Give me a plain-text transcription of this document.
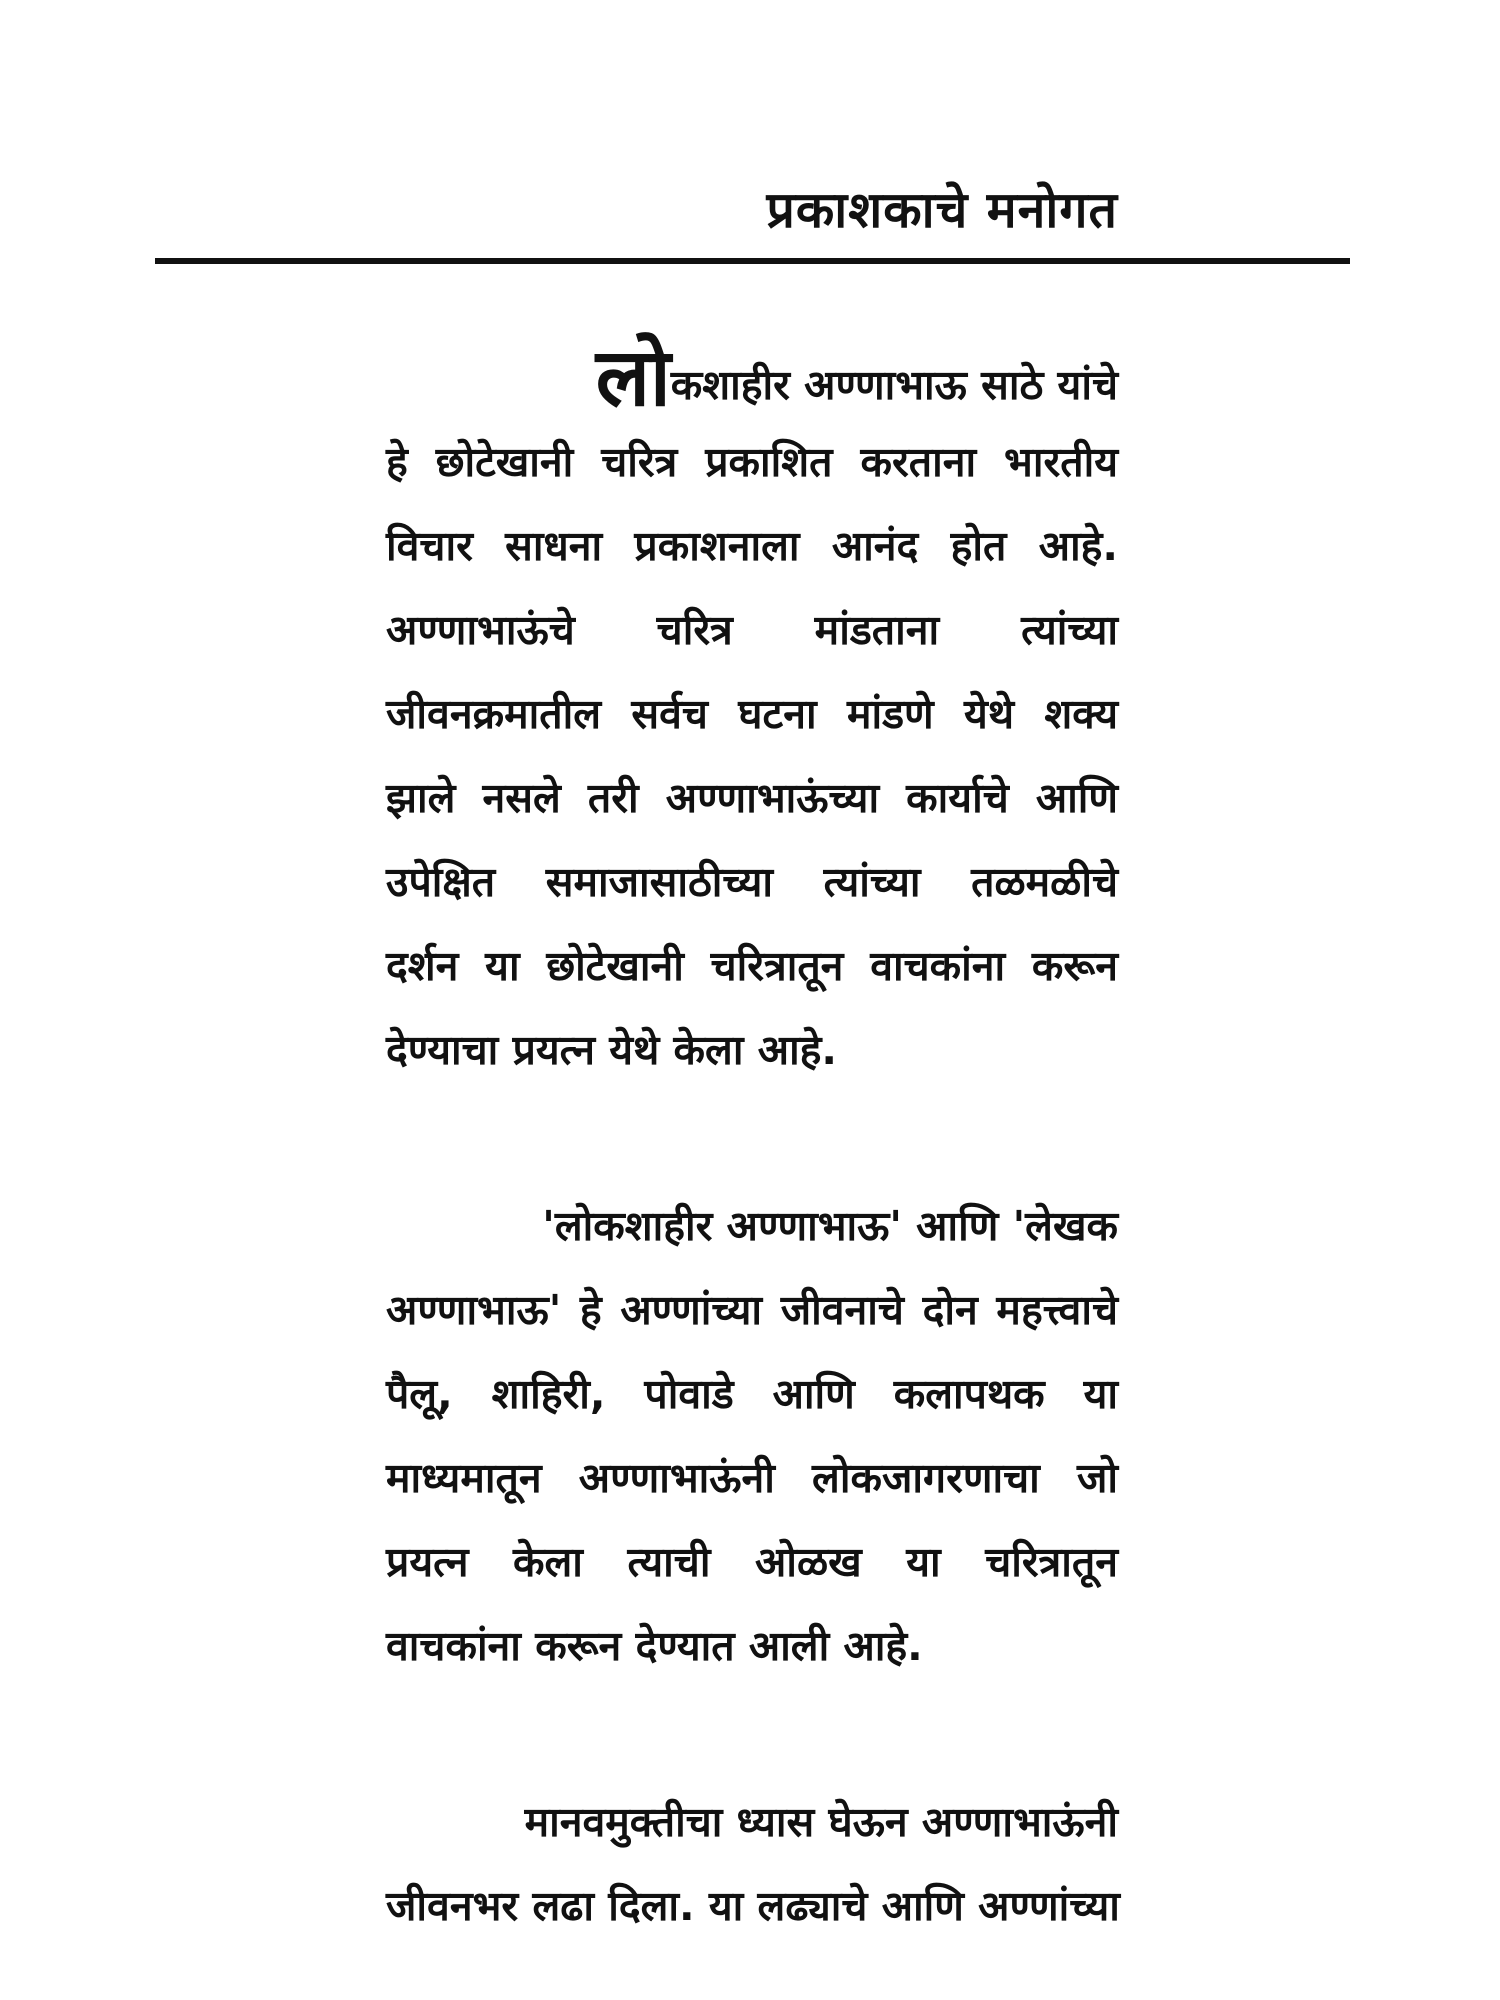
प्रकाशकाचे मनोगत
लोकशाहीर अण्णाभाऊ साठे यांचे
हे छोटेखानी चरित्र प्रकाशित करताना भारतीय
विचार साधना प्रकाशनाला आनंद होत आहे.
अण्णाभाऊंचे चरित्र मांडताना त्यांच्या
जीवनक्रमातील सर्वच घटना मांडणे येथे शक्य
झाले नसले तरी अण्णाभाऊंच्या कार्याचे आणि
उपेक्षित समाजासाठीच्या त्यांच्या तळमळीचे
दर्शन या छोटेखानी चरित्रातून वाचकांना करून
देण्याचा प्रयत्न येथे केला आहे.
'लोकशाहीर अण्णाभाऊ' आणि 'लेखक
अण्णाभाऊ' हे अण्णांच्या जीवनाचे दोन महत्त्वाचे
पैलू, शाहिरी, पोवाडे आणि कलापथक या
माध्यमातून अण्णाभाऊंनी लोकजागरणाचा जो
प्रयत्न केला त्याची ओळख या चरित्रातून
वाचकांना करून देण्यात आली आहे.
मानवमुक्तीचा ध्यास घेऊन अण्णाभाऊंनी
जीवनभर लढा दिला. या लढ्याचे आणि अण्णांच्या
